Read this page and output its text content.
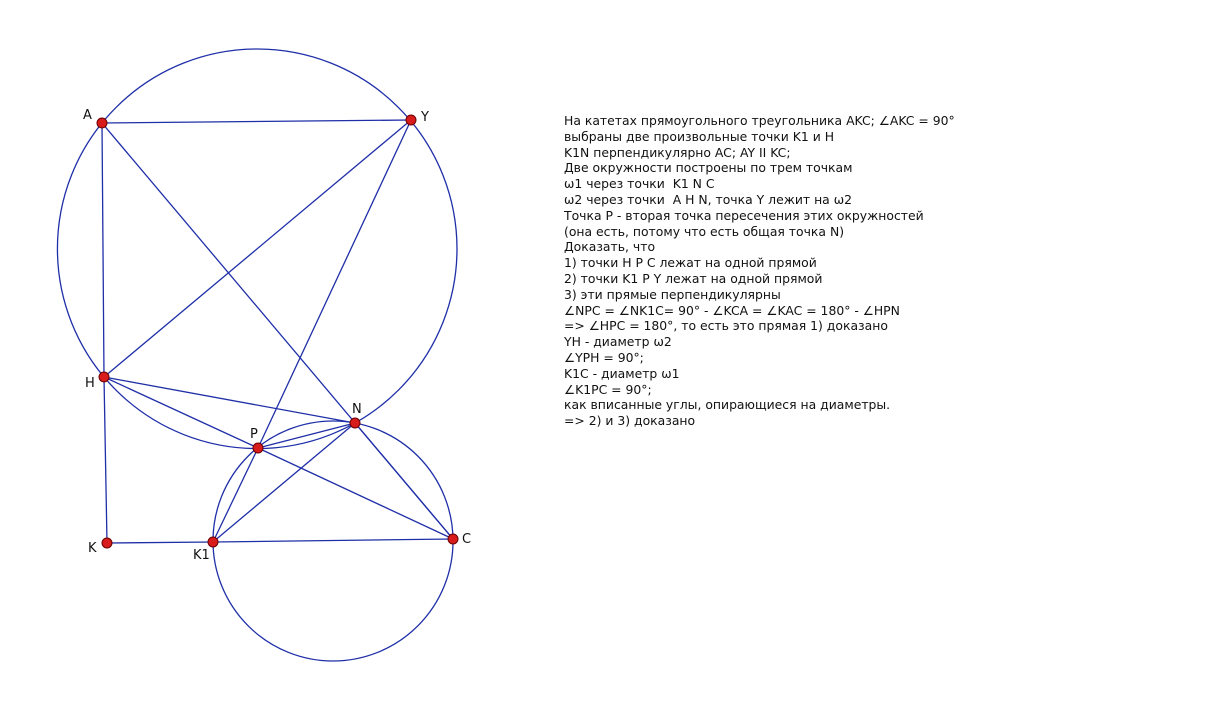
A	Y
H
N
P
K	K1
C
На катетах прямоугольного треугольника AKC; ∠AKC = 90°
выбраны две произвольные точки K1 и H
K1N перпендикулярно AC; AY II KC;
Две окружности построены по трем точкам
ω1 через точки  K1 N C
ω2 через точки  A H N, точка Y лежит на ω2
Точка P - вторая точка пересечения этих окружностей
(она есть, потому что есть общая точка N)
Доказать, что
1) точки H P C лежат на одной прямой
2) точки K1 P Y лежат на одной прямой
3) эти прямые перпендикулярны
∠NPC = ∠NK1C= 90° - ∠KCA = ∠KAC = 180° - ∠HPN
=> ∠HPC = 180°, то есть это прямая 1) доказано
YH - диаметр ω2
∠YPH = 90°;
K1C - диаметр ω1
∠K1PC = 90°;
как вписанные углы, опирающиеся на диаметры.
=> 2) и 3) доказано
